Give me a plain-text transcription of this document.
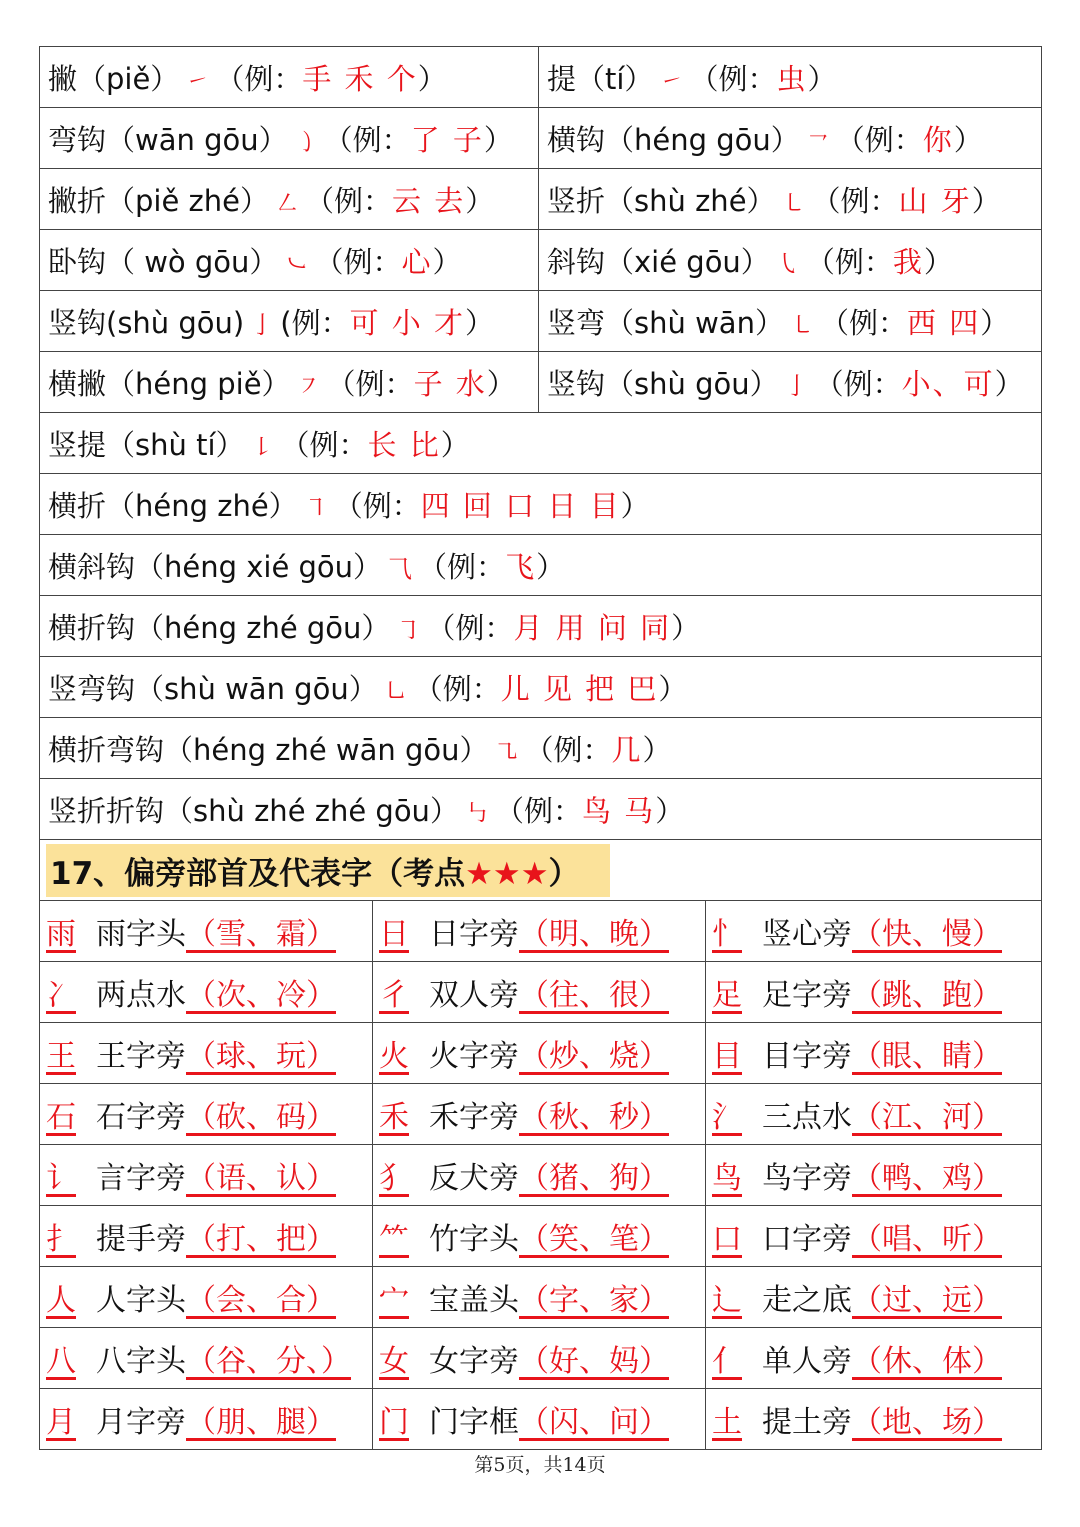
撇（piě） ㇀ （例：手 禾 个）	提（tí） ㇀ （例：虫）
弯钩（wān gōu） ㇁ （例：了 子）	横钩（héng gōu） ㇖ （例：你）
撇折（piě zhé） ㇜ （例：云 去）	竖折（shù zhé） ㇄ （例：山 牙）
卧钩（ wò gōu） ㇃ （例：心）	斜钩（xié gōu） ㇂ （例：我）
竖钩(shù gōu) 亅 (例：可 小 才）	竖弯（shù wān） ㇄ （例：西 四）
横撇（héng piě） ㇇ （例：子 水）	竖钩（shù gōu） 亅 （例：小、可）
竖提（shù tí） ㇙ （例：长 比）	
横折（héng zhé） ㇕ （例：四 回 口 日 目）	
横斜钩（héng xié gōu） ⺄ （例：飞）	
横折钩（héng zhé gōu） ㇆ （例：月 用 问 同）	
竖弯钩（shù wān gōu） ㇟ （例：儿 见 把 巴）	
横折弯钩（héng zhé wān gōu） ㇈ （例：几）	
竖折折钩（shù zhé zhé gōu） ㇉ （例：鸟 马）	
17、偏旁部首及代表字（考点★★★）		
雨 雨字头（雪、霜）	日 日字旁（明、晚）	忄 竖心旁（快、慢）
冫 两点水（次、冷）	彳 双人旁（往、很）	足 足字旁（跳、跑）
王 王字旁（球、玩）	火 火字旁（炒、烧）	目 目字旁（眼、睛）
石 石字旁（砍、码）	禾 禾字旁（秋、秒）	氵 三点水（江、河）
讠 言字旁（语、认）	犭 反犬旁（猪、狗）	鸟 鸟字旁（鸭、鸡）
扌 提手旁（打、把）	⺮ 竹字头（笑、笔）	口 口字旁（唱、听）
人 人字头（会、合）	宀 宝盖头（字、家）	辶 走之底（过、远）
八 八字头（谷、分、）	女 女字旁（好、妈）	亻 单人旁（休、体）
月 月字旁（朋、腿）	门 门字框（闪、问）	土 提土旁（地、场）
第5页，共14页
